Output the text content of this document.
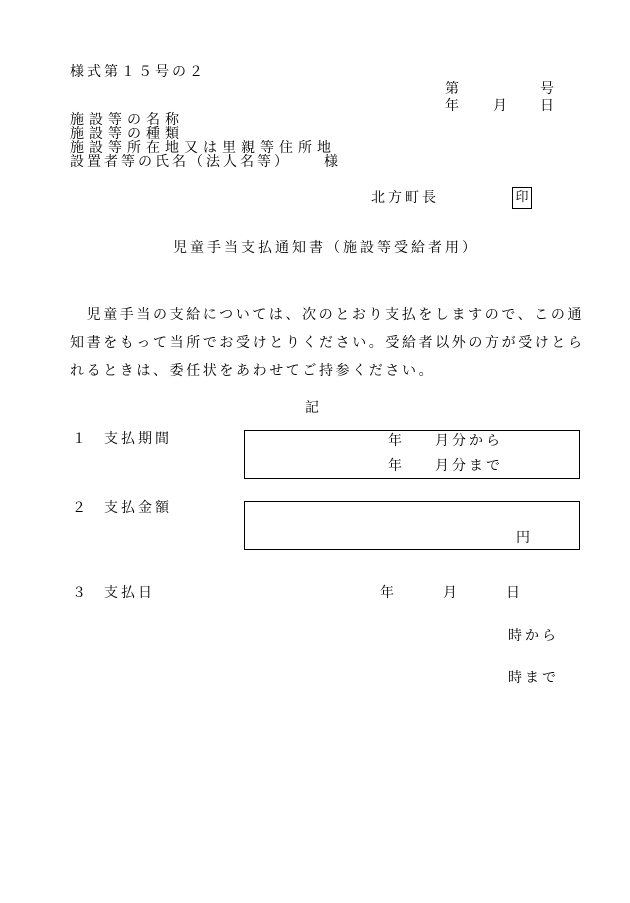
様式第１５号の２
第	号
年 月 日
施設等の名称
施設等の種類
施設等所在地又は里親等住所地
設置者等の氏名（法人名等） 様
北方町長	印
児童手当支払通知書（施設等受給者用）
　児童手当の支給については、次のとおり支払をしますので、この通
知書をもって当所でお受けとりください。受給者以外の方が受けとら
れるときは、委任状をあわせてご持参ください。
記
１ 支払期間	年 月分から
年 月分まで
２ 支払金額
円
３ 支払日	年	月	日
時から
時まで
